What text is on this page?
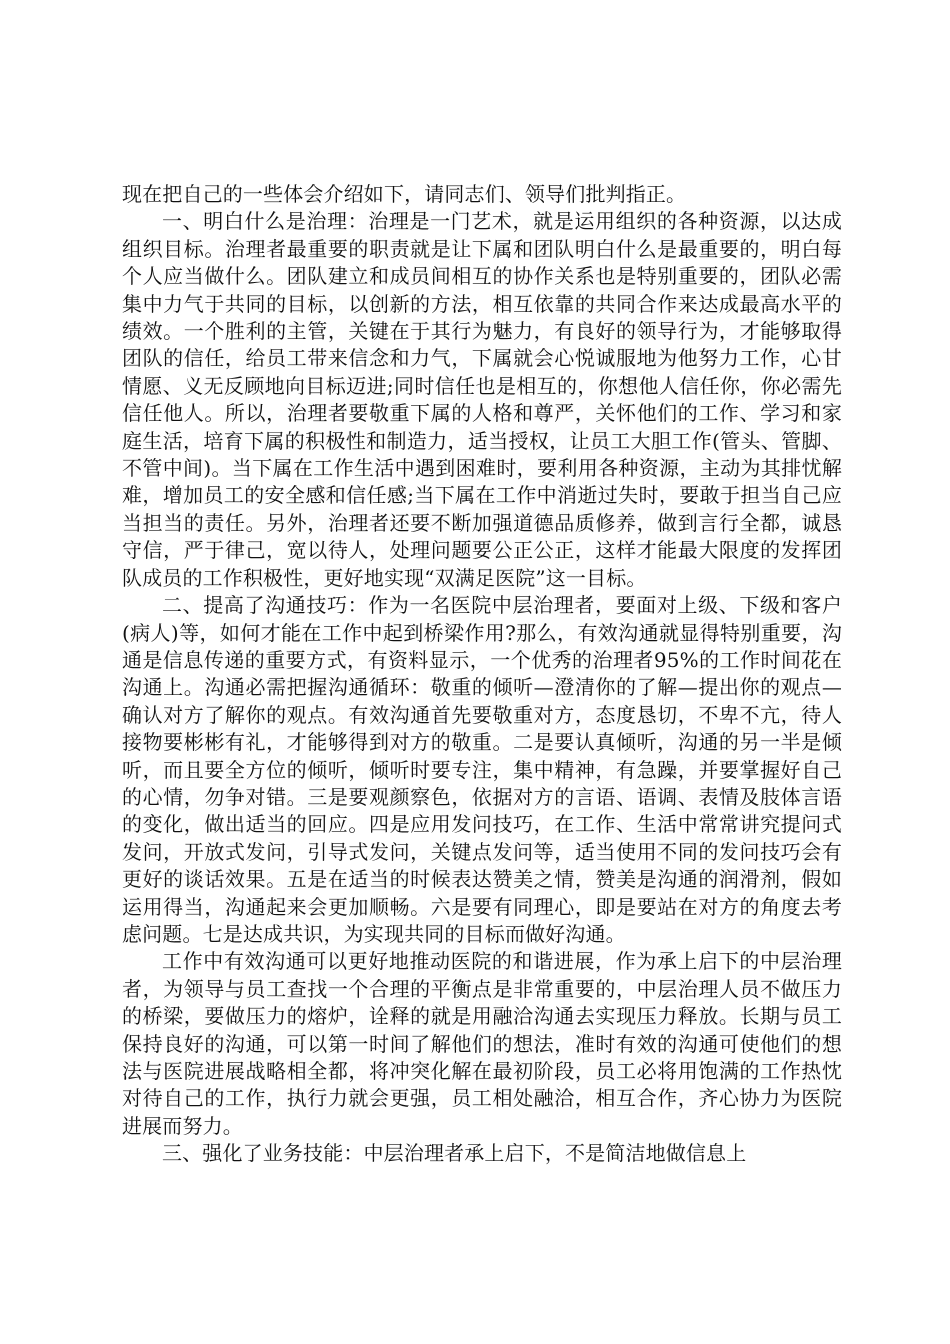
现在把自己的一些体会介绍如下，请同志们、领导们批判指正。

一、明白什么是治理：治理是一门艺术，就是运用组织的各种资源，以达成组织目标。治理者最重要的职责就是让下属和团队明白什么是最重要的，明白每个人应当做什么。团队建立和成员间相互的协作关系也是特别重要的，团队必需集中力气于共同的目标，以创新的方法，相互依靠的共同合作来达成最高水平的绩效。一个胜利的主管，关键在于其行为魅力，有良好的领导行为，才能够取得团队的信任，给员工带来信念和力气，下属就会心悦诚服地为他努力工作，心甘情愿、义无反顾地向目标迈进;同时信任也是相互的，你想他人信任你，你必需先信任他人。所以，治理者要敬重下属的人格和尊严，关怀他们的工作、学习和家庭生活，培育下属的积极性和制造力，适当授权，让员工大胆工作(管头、管脚、不管中间)。当下属在工作生活中遇到困难时，要利用各种资源，主动为其排忧解难，增加员工的安全感和信任感;当下属在工作中消逝过失时，要敢于担当自己应当担当的责任。另外，治理者还要不断加强道德品质修养，做到言行全都，诚恳守信，严于律己，宽以待人，处理问题要公正公正，这样才能最大限度的发挥团队成员的工作积极性，更好地实现“双满足医院”这一目标。

二、提高了沟通技巧：作为一名医院中层治理者，要面对上级、下级和客户(病人)等，如何才能在工作中起到桥梁作用?那么，有效沟通就显得特别重要，沟通是信息传递的重要方式，有资料显示，一个优秀的治理者95%的工作时间花在沟通上。沟通必需把握沟通循环：敬重的倾听—澄清你的了解—提出你的观点—确认对方了解你的观点。有效沟通首先要敬重对方，态度恳切，不卑不亢，待人接物要彬彬有礼，才能够得到对方的敬重。二是要认真倾听，沟通的另一半是倾听，而且要全方位的倾听，倾听时要专注，集中精神，有急躁，并要掌握好自己的心情，勿争对错。三是要观颜察色，依据对方的言语、语调、表情及肢体言语的变化，做出适当的回应。四是应用发问技巧，在工作、生活中常常讲究提问式发问，开放式发问，引导式发问，关键点发问等，适当使用不同的发问技巧会有更好的谈话效果。五是在适当的时候表达赞美之情，赞美是沟通的润滑剂，假如运用得当，沟通起来会更加顺畅。六是要有同理心，即是要站在对方的角度去考虑问题。七是达成共识，为实现共同的目标而做好沟通。

工作中有效沟通可以更好地推动医院的和谐进展，作为承上启下的中层治理者，为领导与员工查找一个合理的平衡点是非常重要的，中层治理人员不做压力的桥梁，要做压力的熔炉，诠释的就是用融洽沟通去实现压力释放。长期与员工保持良好的沟通，可以第一时间了解他们的想法，准时有效的沟通可使他们的想法与医院进展战略相全都，将冲突化解在最初阶段，员工必将用饱满的工作热忱对待自己的工作，执行力就会更强，员工相处融洽，相互合作，齐心协力为医院进展而努力。

三、强化了业务技能：中层治理者承上启下，不是简洁地做信息上
